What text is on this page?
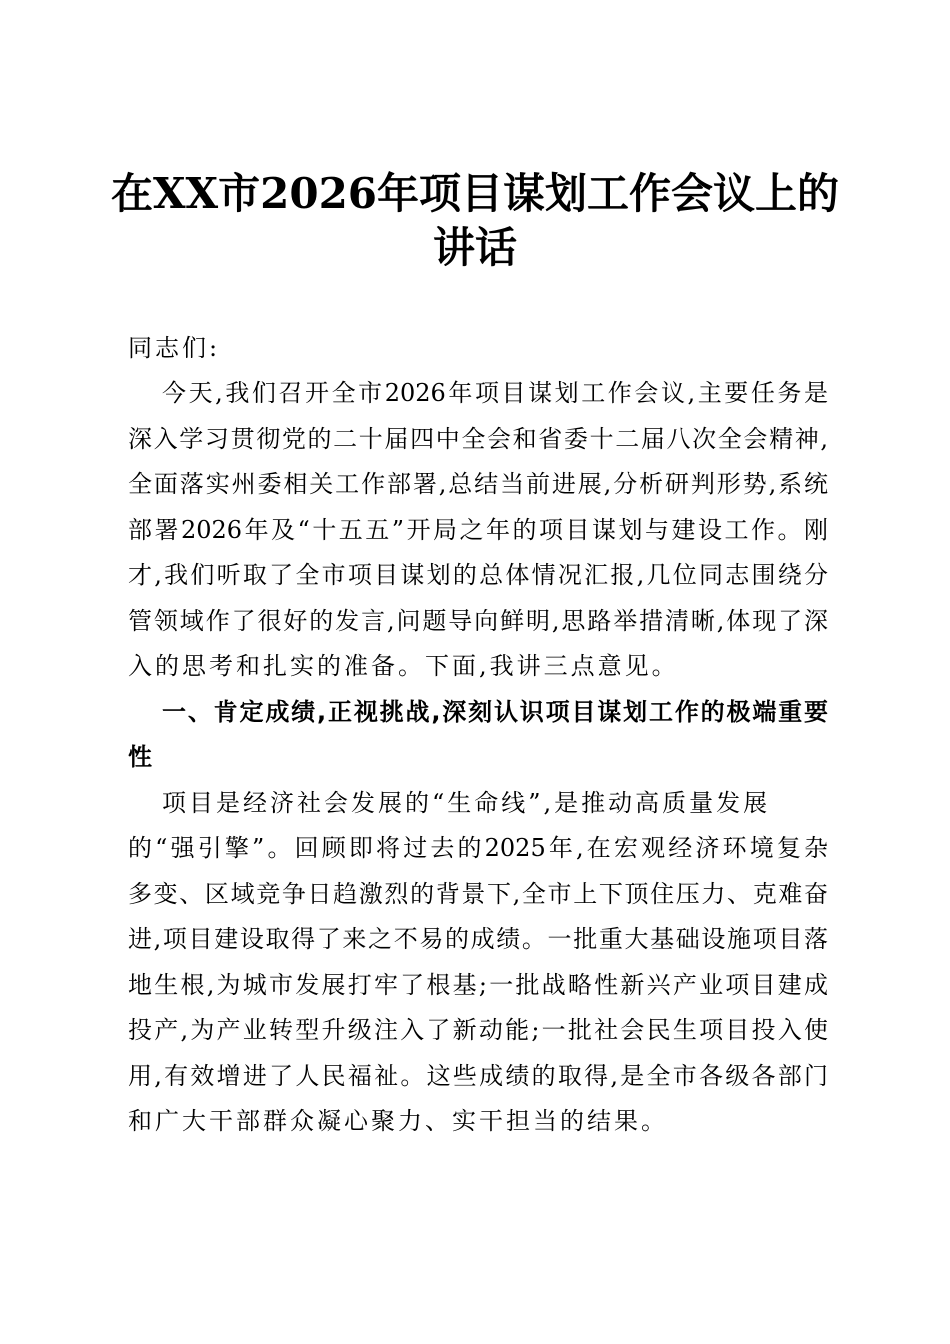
在XX市2026年项目谋划工作会议上的
讲话
同志们:
今天,我们召开全市2026年项目谋划工作会议,主要任务是
深入学习贯彻党的二十届四中全会和省委十二届八次全会精神,
全面落实州委相关工作部署,总结当前进展,分析研判形势,系统
部署2026年及“十五五”开局之年的项目谋划与建设工作。刚
才,我们听取了全市项目谋划的总体情况汇报,几位同志围绕分
管领域作了很好的发言,问题导向鲜明,思路举措清晰,体现了深
入的思考和扎实的准备。下面,我讲三点意见。
一、肯定成绩,正视挑战,深刻认识项目谋划工作的极端重要
性
项目是经济社会发展的“生命线”,是推动高质量发展
的“强引擎”。回顾即将过去的2025年,在宏观经济环境复杂
多变、区域竞争日趋激烈的背景下,全市上下顶住压力、克难奋
进,项目建设取得了来之不易的成绩。一批重大基础设施项目落
地生根,为城市发展打牢了根基;一批战略性新兴产业项目建成
投产,为产业转型升级注入了新动能;一批社会民生项目投入使
用,有效增进了人民福祉。这些成绩的取得,是全市各级各部门
和广大干部群众凝心聚力、实干担当的结果。
